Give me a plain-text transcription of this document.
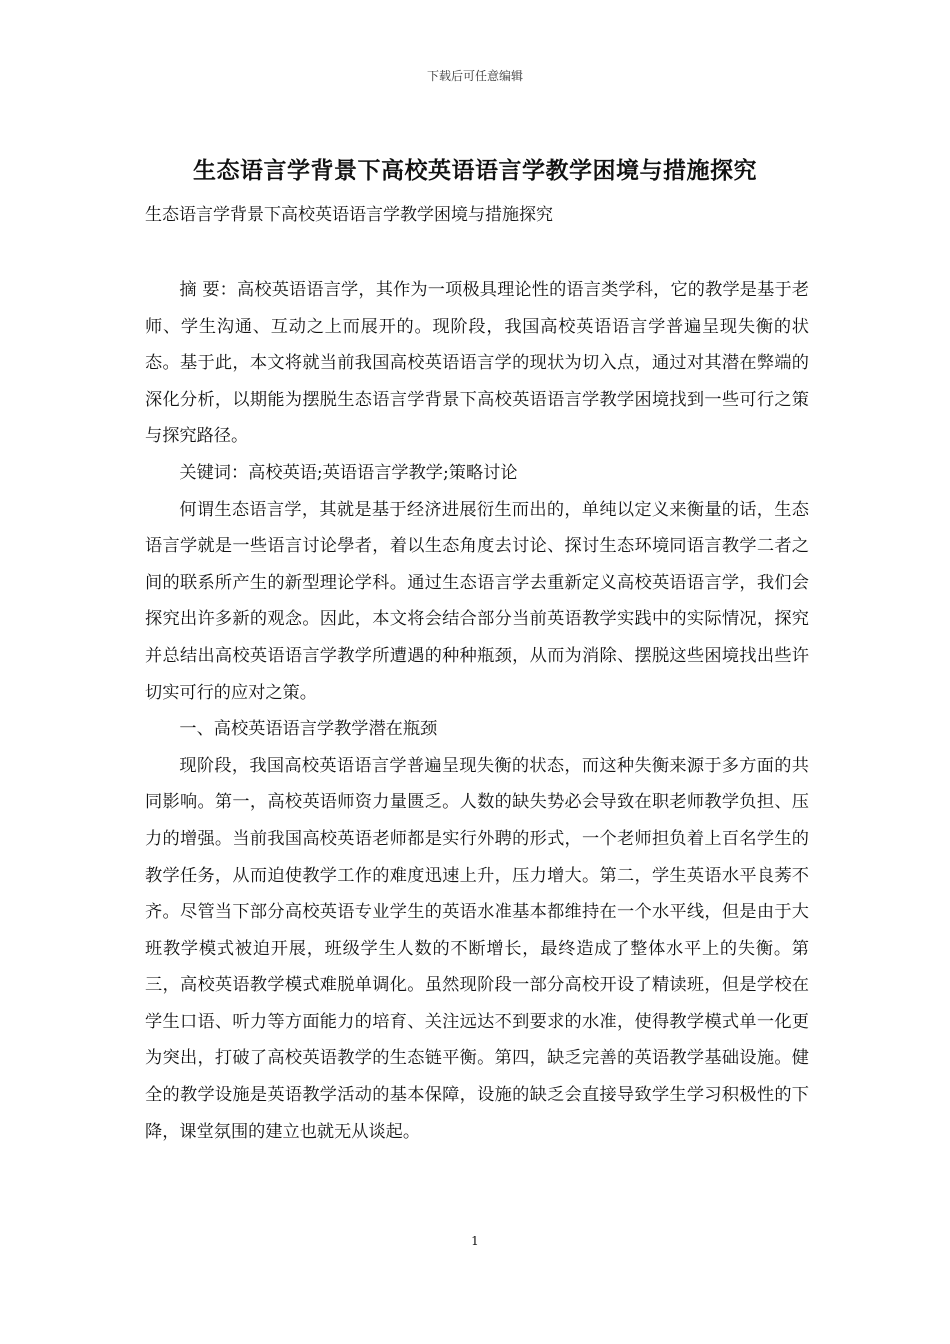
下载后可任意编辑
生态语言学背景下高校英语语言学教学困境与措施探究
生态语言学背景下高校英语语言学教学困境与措施探究

摘 要：高校英语语言学，其作为一项极具理论性的语言类学科，它的教学是基于老师、学生沟通、互动之上而展开的。现阶段，我国高校英语语言学普遍呈现失衡的状态。基于此，本文将就当前我国高校英语语言学的现状为切入点，通过对其潜在弊端的深化分析，以期能为摆脱生态语言学背景下高校英语语言学教学困境找到一些可行之策与探究路径。

关键词：高校英语;英语语言学教学;策略讨论

何谓生态语言学，其就是基于经济进展衍生而出的，单纯以定义来衡量的话，生态语言学就是一些语言讨论學者，着以生态角度去讨论、探讨生态环境同语言教学二者之间的联系所产生的新型理论学科。通过生态语言学去重新定义高校英语语言学，我们会探究出许多新的观念。因此，本文将会结合部分当前英语教学实践中的实际情况，探究并总结出高校英语语言学教学所遭遇的种种瓶颈，从而为消除、摆脱这些困境找出些许切实可行的应对之策。

一、高校英语语言学教学潜在瓶颈

现阶段，我国高校英语语言学普遍呈现失衡的状态，而这种失衡来源于多方面的共同影响。第一，高校英语师资力量匮乏。人数的缺失势必会导致在职老师教学负担、压力的增强。当前我国高校英语老师都是实行外聘的形式，一个老师担负着上百名学生的教学任务，从而迫使教学工作的难度迅速上升，压力增大。第二，学生英语水平良莠不齐。尽管当下部分高校英语专业学生的英语水准基本都维持在一个水平线，但是由于大班教学模式被迫开展，班级学生人数的不断增长，最终造成了整体水平上的失衡。第三，高校英语教学模式难脱单调化。虽然现阶段一部分高校开设了精读班，但是学校在学生口语、听力等方面能力的培育、关注远达不到要求的水准，使得教学模式单一化更为突出，打破了高校英语教学的生态链平衡。第四，缺乏完善的英语教学基础设施。健全的教学设施是英语教学活动的基本保障，设施的缺乏会直接导致学生学习积极性的下降，课堂氛围的建立也就无从谈起。

1
